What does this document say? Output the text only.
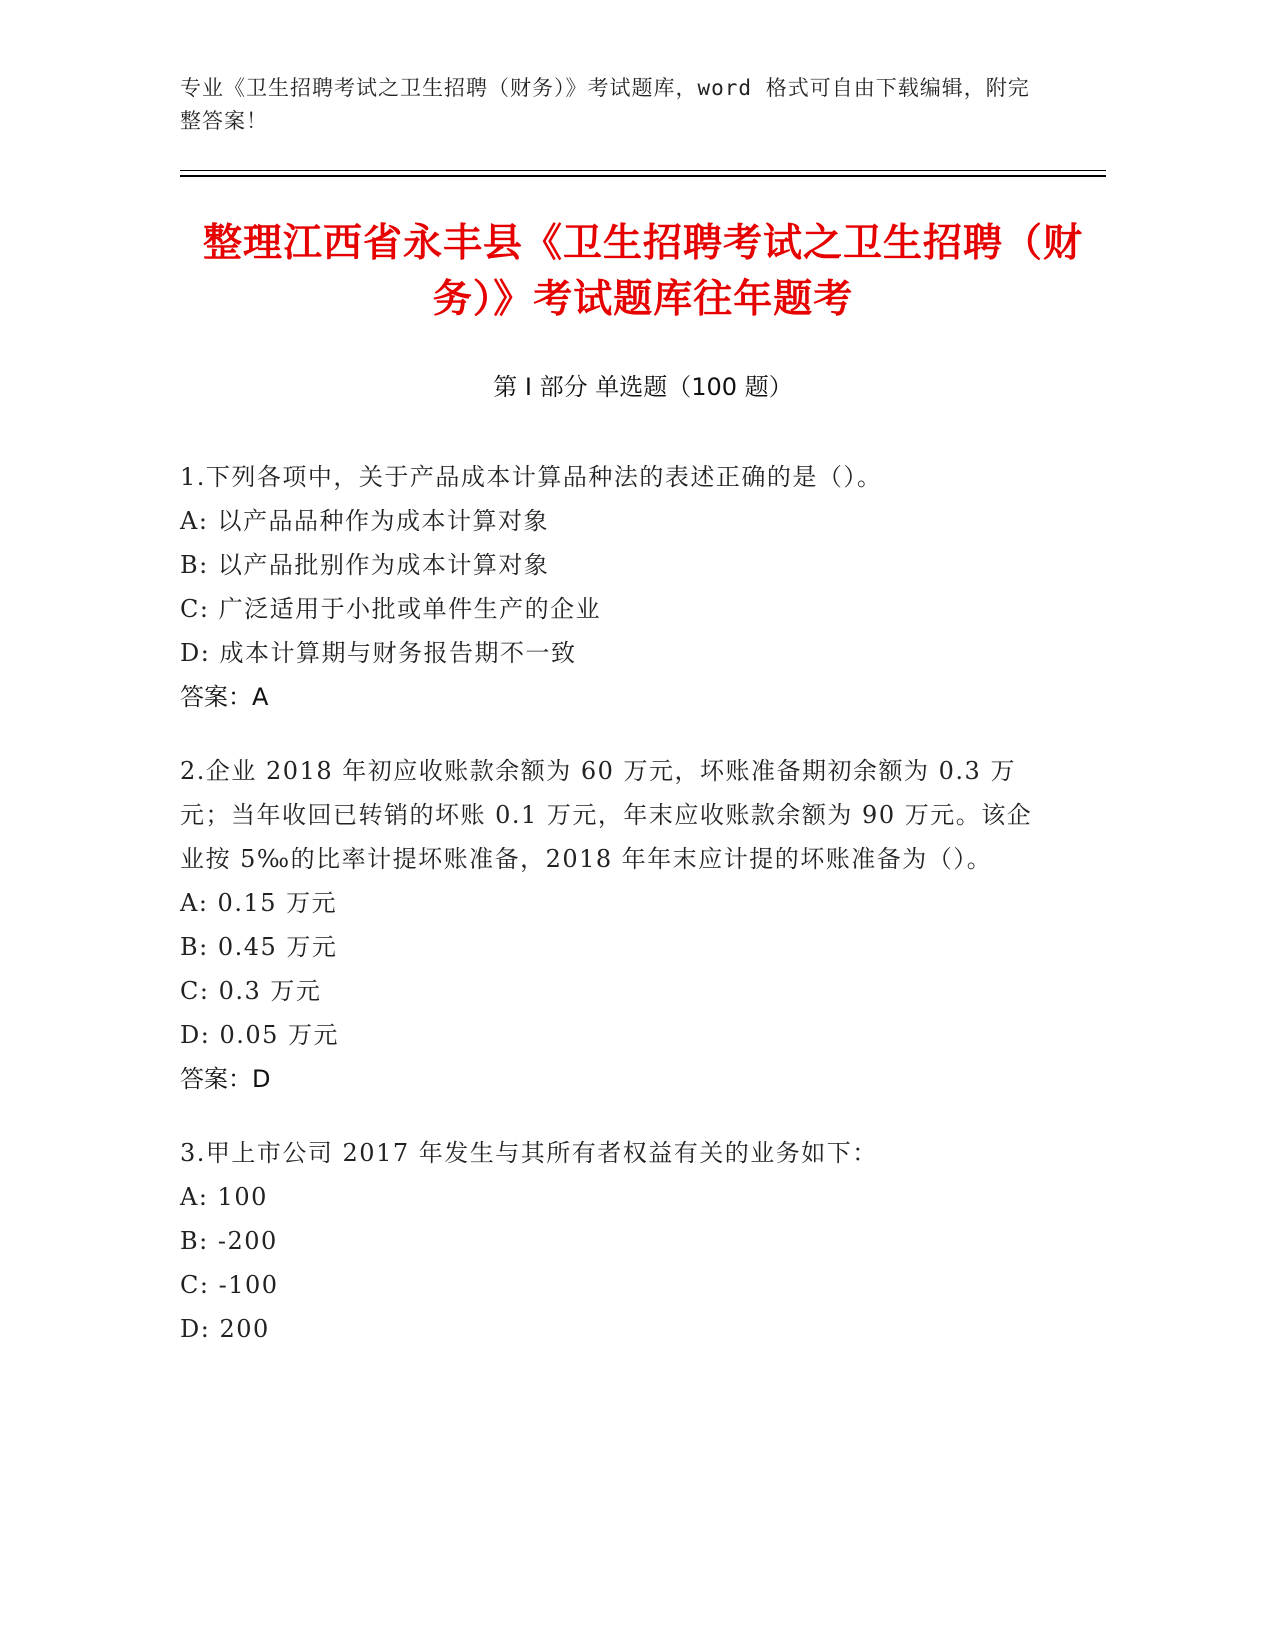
专业《卫生招聘考试之卫生招聘（财务）》考试题库，word 格式可自由下载编辑，附完整答案！
整理江西省永丰县《卫生招聘考试之卫生招聘（财务）》考试题库往年题考
第 I 部分 单选题（100 题）

1.下列各项中，关于产品成本计算品种法的表述正确的是（）。

A: 以产品品种作为成本计算对象

B: 以产品批别作为成本计算对象

C: 广泛适用于小批或单件生产的企业

D: 成本计算期与财务报告期不一致

答案：A

2.企业 2018 年初应收账款余额为 60 万元，坏账准备期初余额为 0.3 万元；当年收回已转销的坏账 0.1 万元，年末应收账款余额为 90 万元。该企业按 5‰的比率计提坏账准备，2018 年年末应计提的坏账准备为（）。

A: 0.15 万元

B: 0.45 万元

C: 0.3 万元

D: 0.05 万元

答案：D

3.甲上市公司 2017 年发生与其所有者权益有关的业务如下：

A: 100

B: -200

C: -100

D: 200
